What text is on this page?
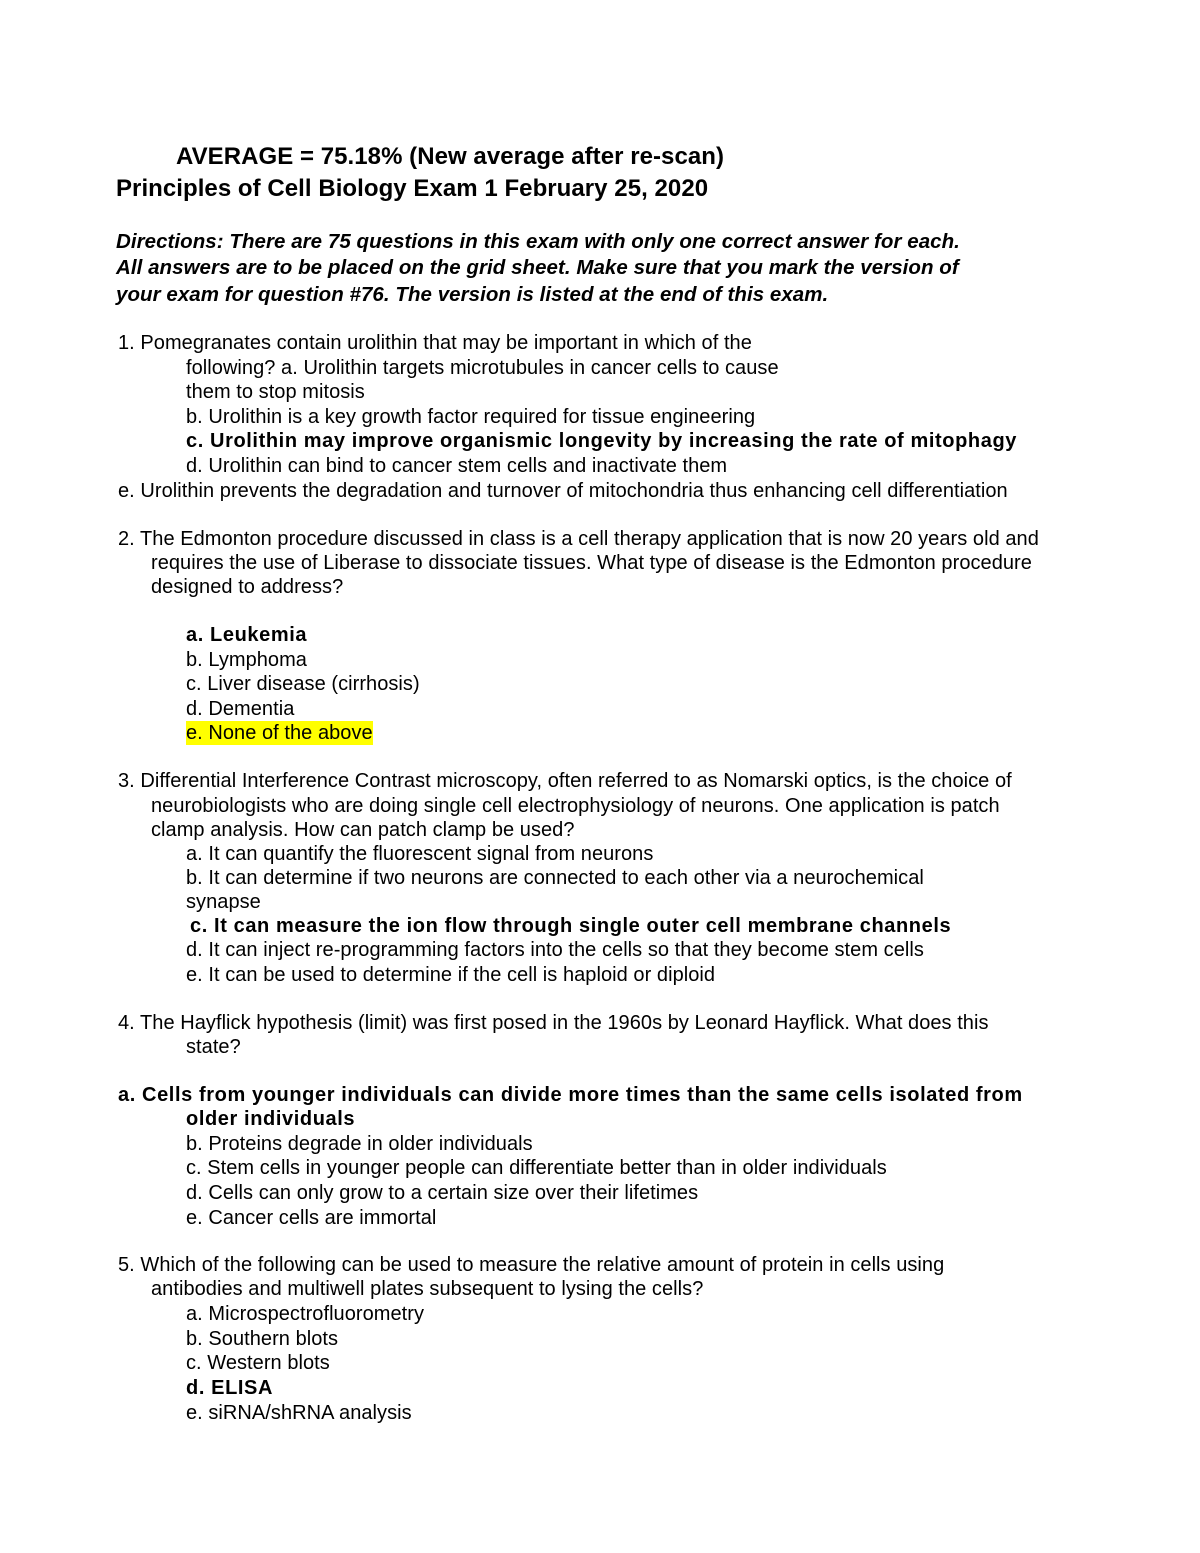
AVERAGE = 75.18% (New average after re-scan)
Principles of Cell Biology Exam 1 February 25, 2020
Directions: There are 75 questions in this exam with only one correct answer for each.
All answers are to be placed on the grid sheet. Make sure that you mark the version of
your exam for question #76. The version is listed at the end of this exam.
1. Pomegranates contain urolithin that may be important in which of the
following? a. Urolithin targets microtubules in cancer cells to cause
them to stop mitosis
b. Urolithin is a key growth factor required for tissue engineering
c. Urolithin may improve organismic longevity by increasing the rate of mitophagy
d. Urolithin can bind to cancer stem cells and inactivate them
e. Urolithin prevents the degradation and turnover of mitochondria thus enhancing cell differentiation
2. The Edmonton procedure discussed in class is a cell therapy application that is now 20 years old and
requires the use of Liberase to dissociate tissues. What type of disease is the Edmonton procedure
designed to address?
a. Leukemia
b. Lymphoma
c. Liver disease (cirrhosis)
d. Dementia
e. None of the above
3. Differential Interference Contrast microscopy, often referred to as Nomarski optics, is the choice of
neurobiologists who are doing single cell electrophysiology of neurons. One application is patch
clamp analysis. How can patch clamp be used?
a. It can quantify the fluorescent signal from neurons
b. It can determine if two neurons are connected to each other via a neurochemical
synapse
c. It can measure the ion flow through single outer cell membrane channels
d. It can inject re-programming factors into the cells so that they become stem cells
e. It can be used to determine if the cell is haploid or diploid
4. The Hayflick hypothesis (limit) was first posed in the 1960s by Leonard Hayflick. What does this
state?
a. Cells from younger individuals can divide more times than the same cells isolated from
older individuals
b. Proteins degrade in older individuals
c. Stem cells in younger people can differentiate better than in older individuals
d. Cells can only grow to a certain size over their lifetimes
e. Cancer cells are immortal
5. Which of the following can be used to measure the relative amount of protein in cells using
antibodies and multiwell plates subsequent to lysing the cells?
a. Microspectrofluorometry
b. Southern blots
c. Western blots
d. ELISA
e. siRNA/shRNA analysis
